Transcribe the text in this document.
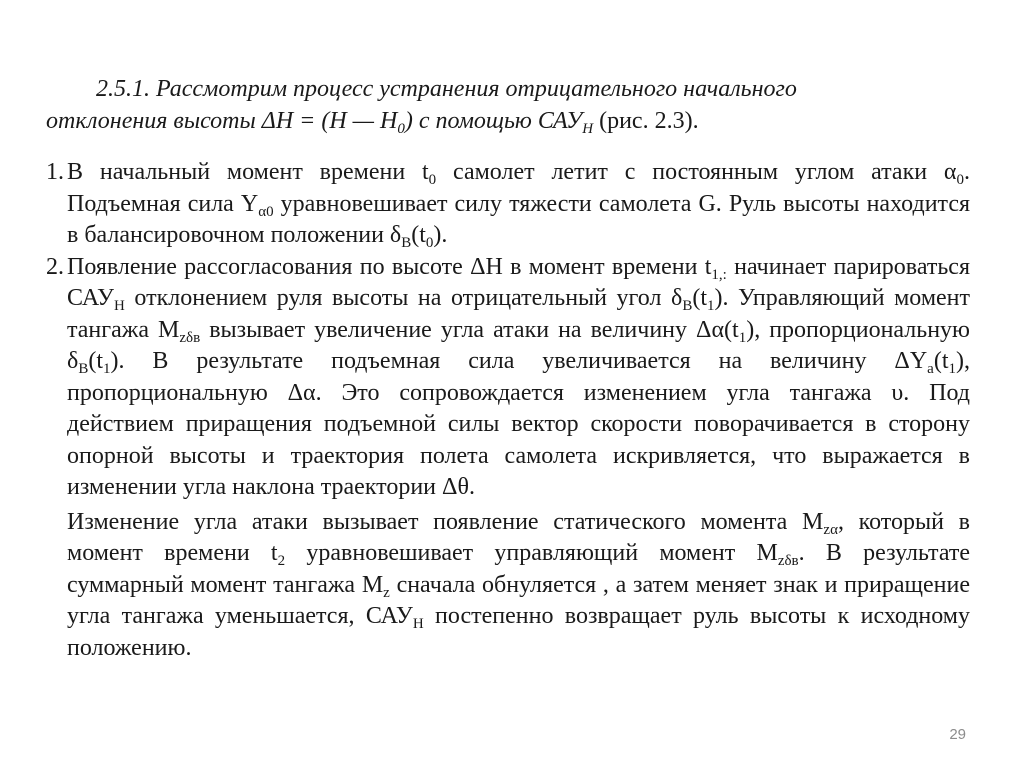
2.5.1. Рассмотрим процесс устранения отрицательного начального
отклонения высоты ΔH = (H — $H_0$) с помощью $САУ_H$ (рис. 2.3).
1. В начальный момент времени $t_0$ самолет летит с постоянным углом атаки $\alpha_0$. Подъемная сила $Y_{\alpha 0}$ уравновешивает силу тяжести самолета G. Руль высоты находится в балансировочном положении $\delta_В(t_0)$.

2. Появление рассогласования по высоте ΔH в момент времени $t_{1,:}$ начинает парироваться $САУ_Н$ отклонением руля высоты на отрицательный угол $\delta_В(t_1)$. Управляющий момент тангажа $M_{z\delta в}$ вызывает увеличение угла атаки на величину $\Delta\alpha(t_1)$, пропорциональную $\delta_В(t_1)$. В результате подъемная сила увеличивается на величину $\Delta Y_a(t_1)$, пропорциональную Δα. Это сопровождается изменением угла тангажа υ. Под действием приращения подъемной силы вектор скорости поворачивается в сторону опорной высоты и траектория полета самолета искривляется, что выражается в изменении угла наклона траектории Δθ.

Изменение угла атаки вызывает появление статического момента $M_{z\alpha}$, который в момент времени $t_2$ уравновешивает управляющий момент $M_{z\delta в}$. В результате суммарный момент тангажа $M_z$ сначала обнуляется , а затем меняет знак и приращение угла тангажа уменьшается, $САУ_Н$ постепенно возвращает руль высоты к исходному положению.

29
